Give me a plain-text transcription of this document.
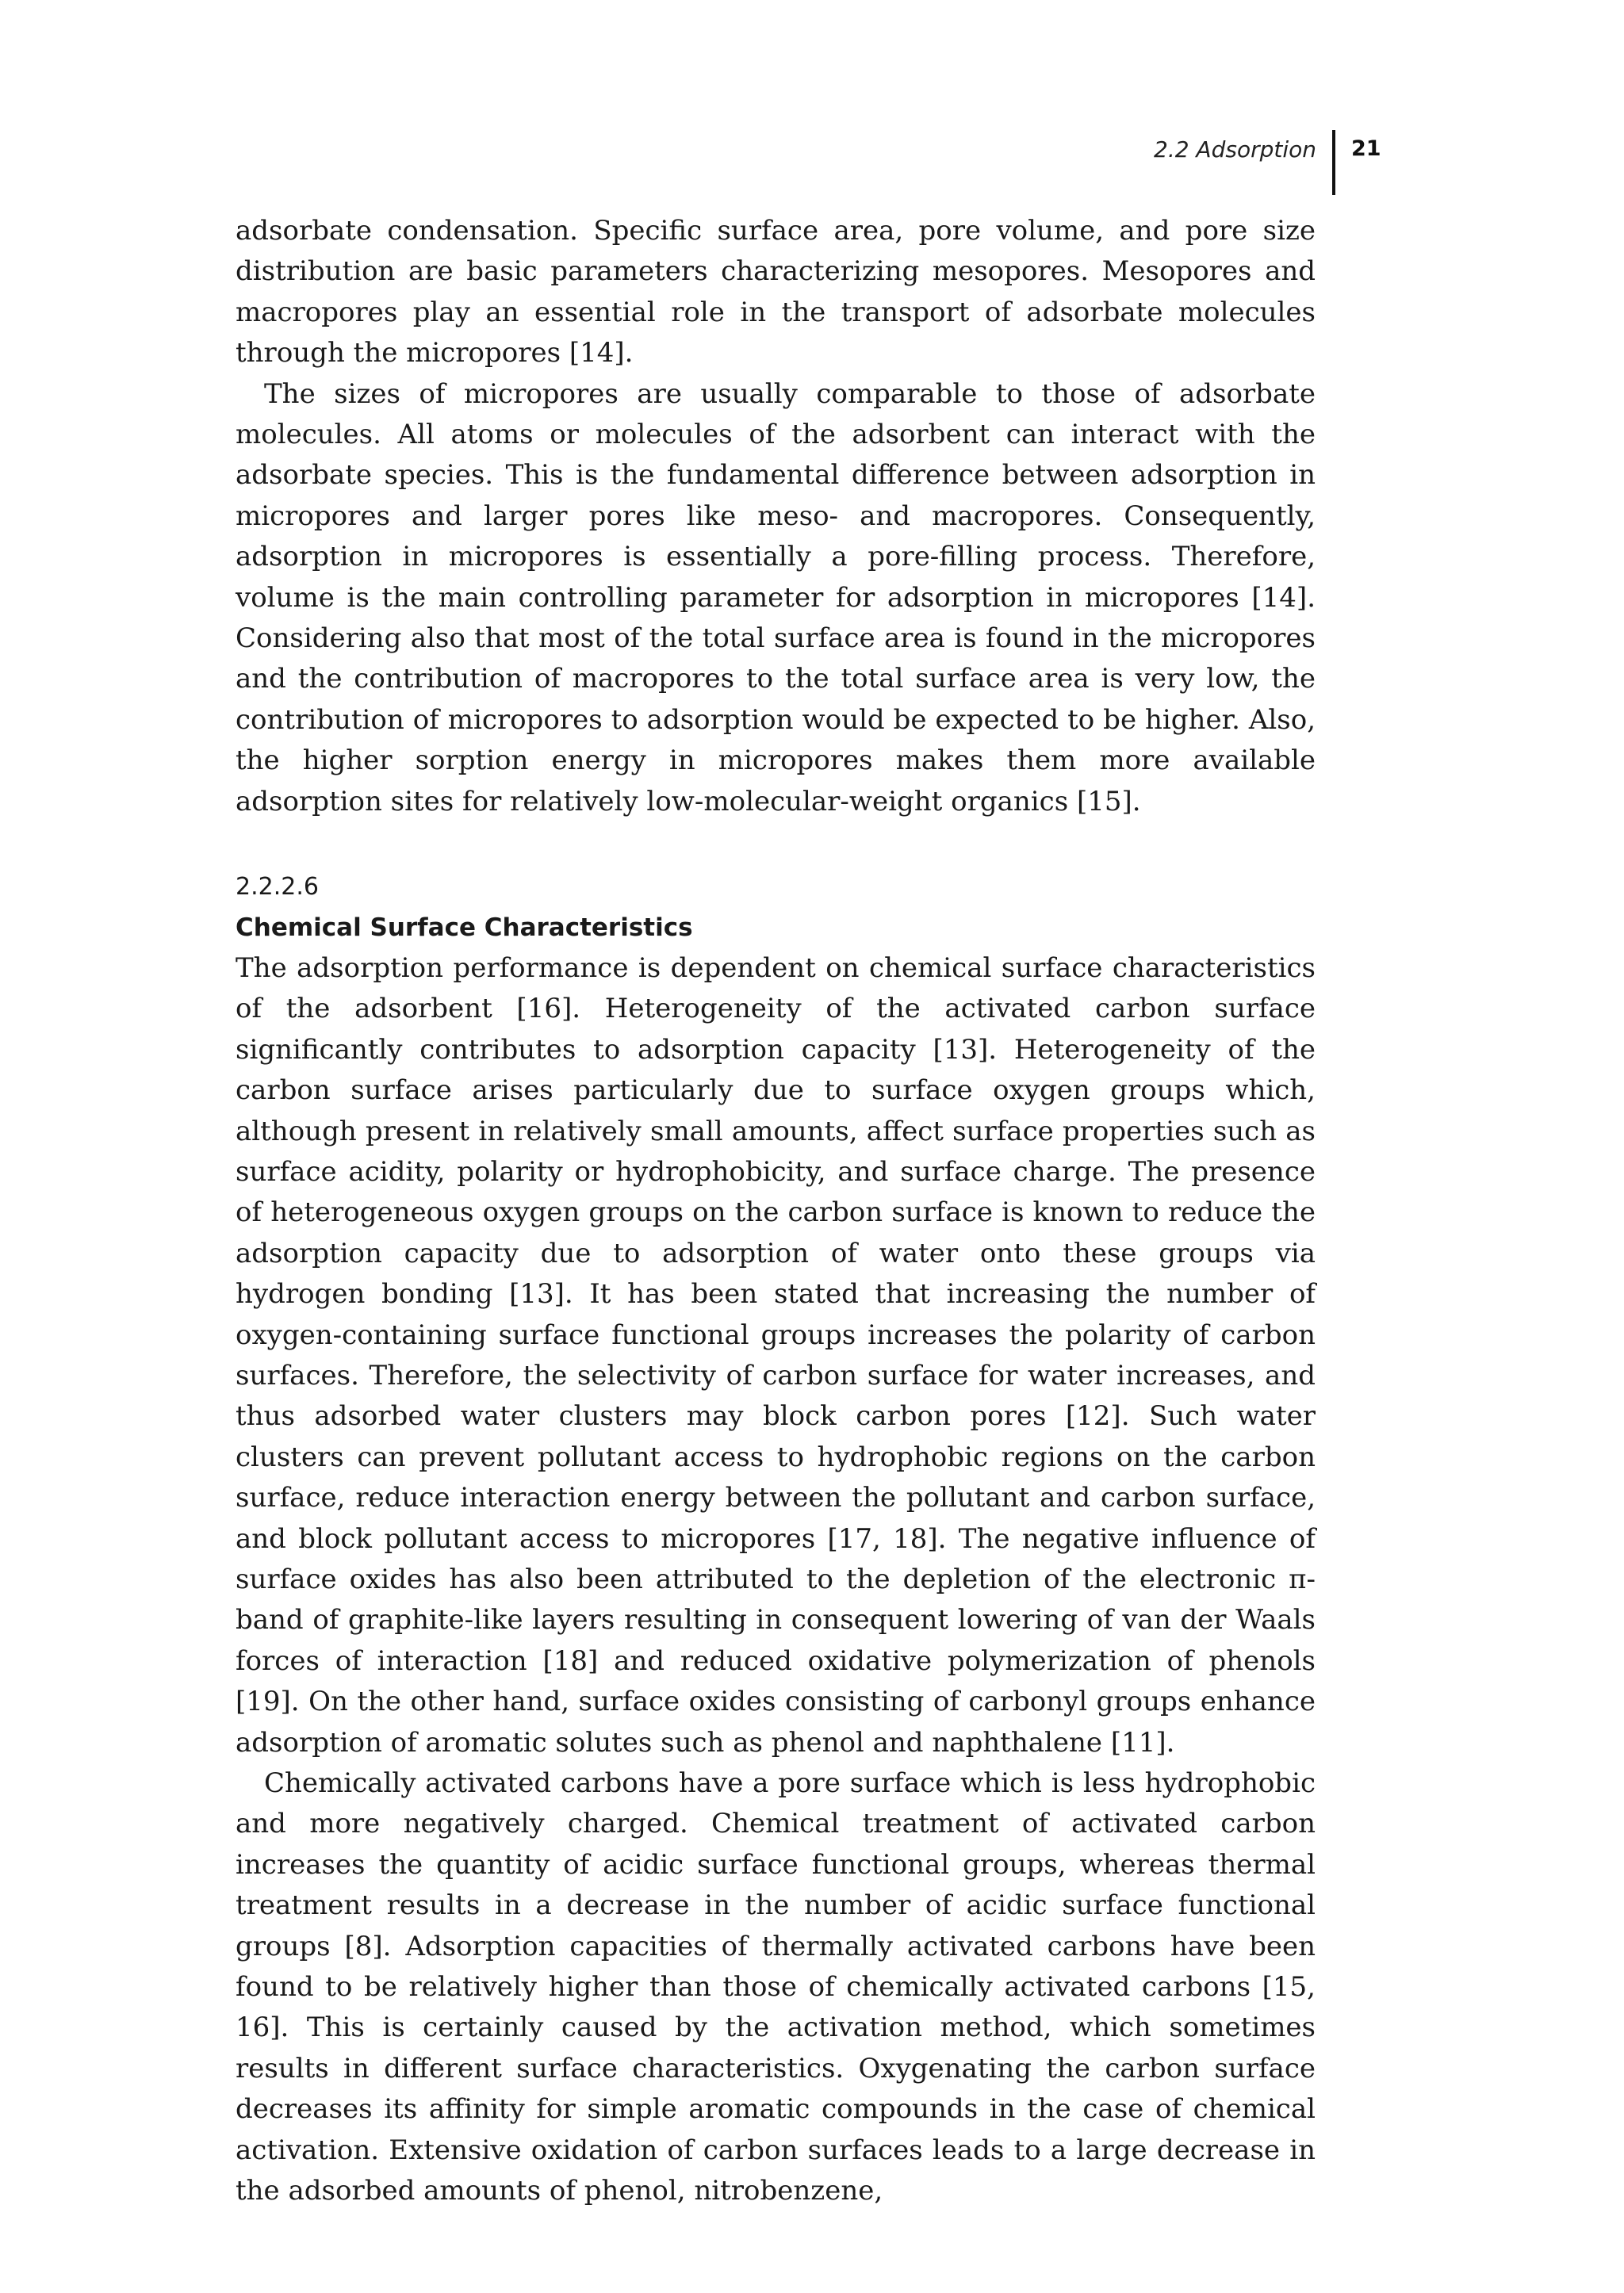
2.2 Adsorption 21

adsorbate condensation. Specific surface area, pore volume, and pore size distribution are basic parameters characterizing mesopores. Mesopores and macropores play an essential role in the transport of adsorbate molecules through the micropores [14].

The sizes of micropores are usually comparable to those of adsorbate molecules. All atoms or molecules of the adsorbent can interact with the adsorbate species. This is the fundamental difference between adsorption in micropores and larger pores like meso- and macropores. Consequently, adsorption in micropores is essentially a pore-filling process. Therefore, volume is the main controlling parameter for adsorption in micropores [14]. Considering also that most of the total surface area is found in the micropores and the contribution of macropores to the total surface area is very low, the contribution of micropores to adsorption would be expected to be higher. Also, the higher sorption energy in micropores makes them more available adsorption sites for relatively low-molecular-weight organics [15].

2.2.2.6
Chemical Surface Characteristics

The adsorption performance is dependent on chemical surface characteristics of the adsorbent [16]. Heterogeneity of the activated carbon surface significantly contributes to adsorption capacity [13]. Heterogeneity of the carbon surface arises particularly due to surface oxygen groups which, although present in relatively small amounts, affect surface properties such as surface acidity, polarity or hydrophobicity, and surface charge. The presence of heterogeneous oxygen groups on the carbon surface is known to reduce the adsorption capacity due to adsorption of water onto these groups via hydrogen bonding [13]. It has been stated that increasing the number of oxygen-containing surface functional groups increases the polarity of carbon surfaces. Therefore, the selectivity of carbon surface for water increases, and thus adsorbed water clusters may block carbon pores [12]. Such water clusters can prevent pollutant access to hydrophobic regions on the carbon surface, reduce interaction energy between the pollutant and carbon surface, and block pollutant access to micropores [17, 18]. The negative influence of surface oxides has also been attributed to the depletion of the electronic π-band of graphite-like layers resulting in consequent lowering of van der Waals forces of interaction [18] and reduced oxidative polymerization of phenols [19]. On the other hand, surface oxides consisting of carbonyl groups enhance adsorption of aromatic solutes such as phenol and naphthalene [11].

Chemically activated carbons have a pore surface which is less hydrophobic and more negatively charged. Chemical treatment of activated carbon increases the quantity of acidic surface functional groups, whereas thermal treatment results in a decrease in the number of acidic surface functional groups [8]. Adsorption capacities of thermally activated carbons have been found to be relatively higher than those of chemically activated carbons [15, 16]. This is certainly caused by the activation method, which sometimes results in different surface characteristics. Oxygenating the carbon surface decreases its affinity for simple aromatic compounds in the case of chemical activation. Extensive oxidation of carbon surfaces leads to a large decrease in the adsorbed amounts of phenol, nitrobenzene,
